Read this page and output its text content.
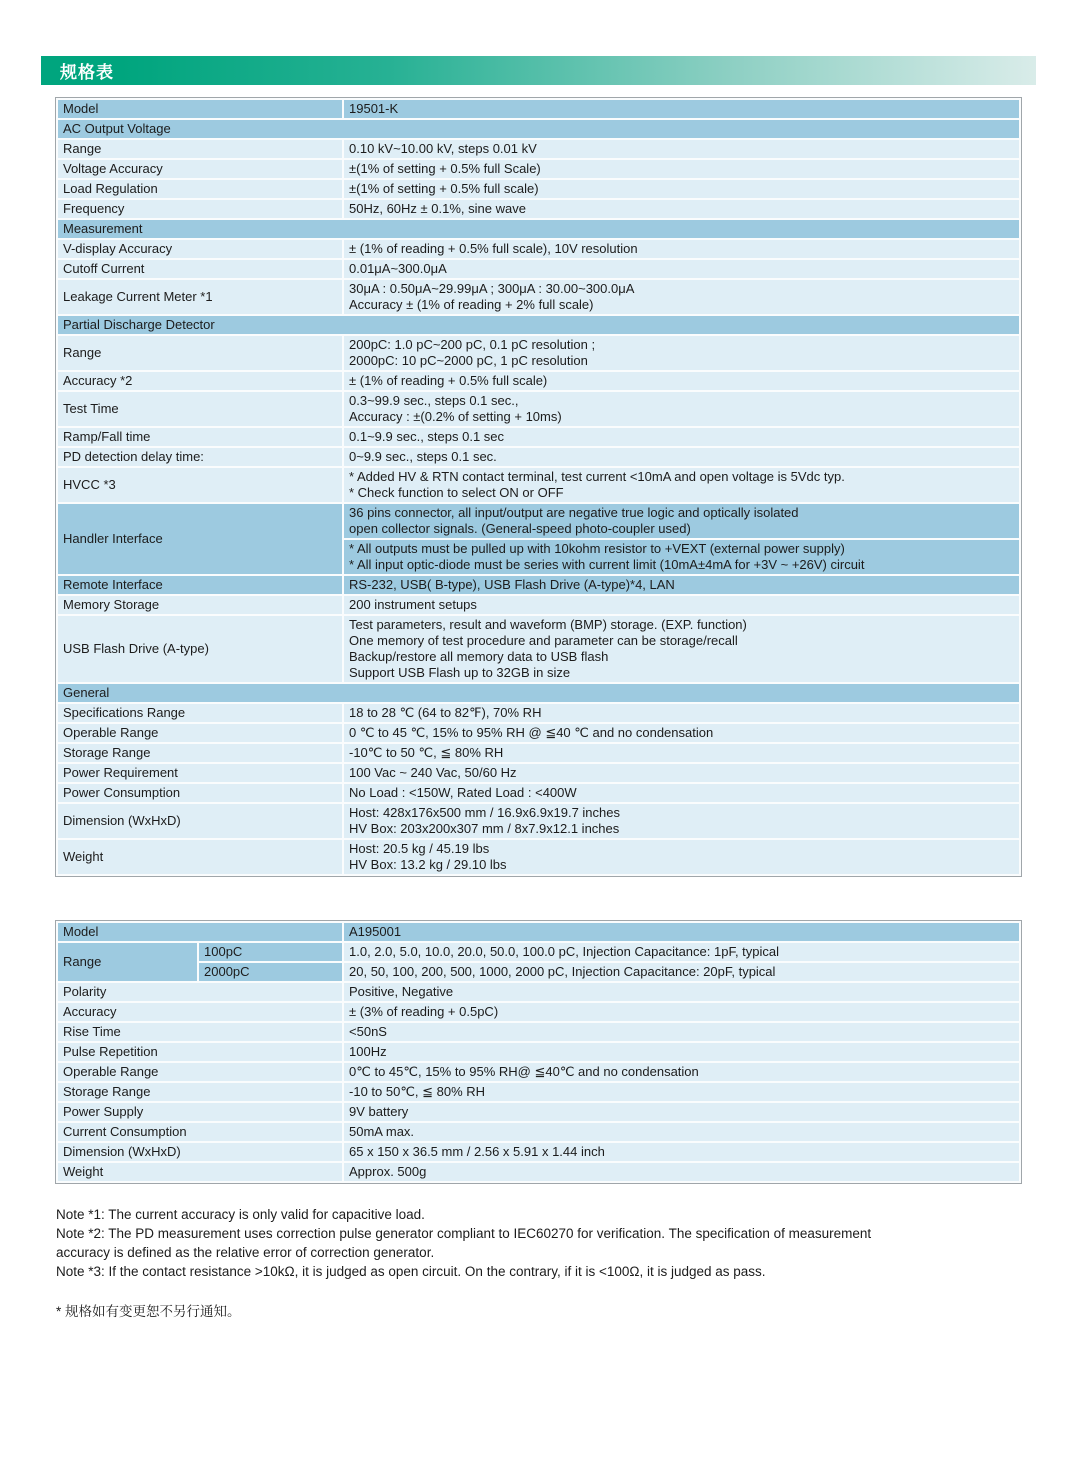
规格表
Model	19501-K
AC Output Voltage	
Range	0.10 kV~10.00 kV, steps 0.01 kV

Voltage Accuracy	±(1% of setting + 0.5% full Scale)

Load Regulation	±(1% of setting + 0.5% full scale)

Frequency	50Hz, 60Hz ± 0.1%, sine wave

Measurement	
V-display Accuracy	± (1% of reading + 0.5% full scale), 10V resolution

Cutoff Current	0.01μA~300.0μA

Leakage Current Meter *1	30μA : 0.50μA~29.99μA ; 300μA : 30.00~300.0μA
Accuracy ± (1% of reading + 2% full scale)

Partial Discharge Detector	
Range	200pC: 1.0 pC~200 pC, 0.1 pC resolution ;
2000pC: 10 pC~2000 pC, 1 pC resolution

Accuracy *2	± (1% of reading + 0.5% full scale)

Test Time	0.3~99.9 sec., steps 0.1 sec.,
Accuracy : ±(0.2% of setting + 10ms)

Ramp/Fall time	0.1~9.9 sec., steps 0.1 sec

PD detection delay time:	0~9.9 sec., steps 0.1 sec.

HVCC *3	* Added HV & RTN contact terminal, test current <10mA and open voltage is 5Vdc typ.
* Check function to select ON or OFF

Handler Interface	36 pins connector, all input/output are negative true logic and optically isolated
open collector signals. (General-speed photo-coupler used)

	* All outputs must be pulled up with 10kohm resistor to +VEXT (external power supply)
* All input optic-diode must be series with current limit (10mA±4mA for +3V ~ +26V) circuit

Remote Interface	RS-232, USB( B-type), USB Flash Drive (A-type)*4, LAN

Memory Storage	200 instrument setups

USB Flash Drive (A-type)	Test parameters, result and waveform (BMP) storage. (EXP. function)
One memory of test procedure and parameter can be storage/recall
Backup/restore all memory data to USB flash
Support USB Flash up to 32GB in size

General	
Specifications Range	18 to 28 ℃ (64 to 82℉), 70% RH

Operable Range	0 ℃ to 45 ℃, 15% to 95% RH @ ≦40 ℃ and no condensation

Storage Range	-10℃ to 50 ℃, ≦ 80% RH

Power Requirement	100 Vac ~ 240 Vac, 50/60 Hz

Power Consumption	No Load : <150W, Rated Load : <400W

Dimension (WxHxD)	Host: 428x176x500 mm / 16.9x6.9x19.7 inches
HV Box: 203x200x307 mm / 8x7.9x12.1 inches

Weight	Host: 20.5 kg / 45.19 lbs
HV Box: 13.2 kg / 29.10 lbs
Model		A195001
Range	100pC	1.0, 2.0, 5.0, 10.0, 20.0, 50.0, 100.0 pC, Injection Capacitance: 1pF, typical

	2000pC	20, 50, 100, 200, 500, 1000, 2000 pC, Injection Capacitance: 20pF, typical

Polarity		Positive, Negative

Accuracy		± (3% of reading + 0.5pC)

Rise Time		<50nS

Pulse Repetition		100Hz

Operable Range		0℃ to 45℃, 15% to 95% RH@ ≦40℃ and no condensation

Storage Range		-10 to 50℃, ≦ 80% RH

Power Supply		9V battery

Current Consumption		50mA max.

Dimension (WxHxD)		65 x 150 x 36.5 mm / 2.56 x 5.91 x 1.44 inch

Weight		Approx. 500g
Note *1: The current accuracy is only valid for capacitive load.
Note *2: The PD measurement uses correction pulse generator compliant to IEC60270 for verification. The specification of measurement
accuracy is defined as the relative error of correction generator.
Note *3: If the contact resistance >10kΩ, it is judged as open circuit. On the contrary, if it is <100Ω, it is judged as pass.
* 规格如有变更恕不另行通知。
